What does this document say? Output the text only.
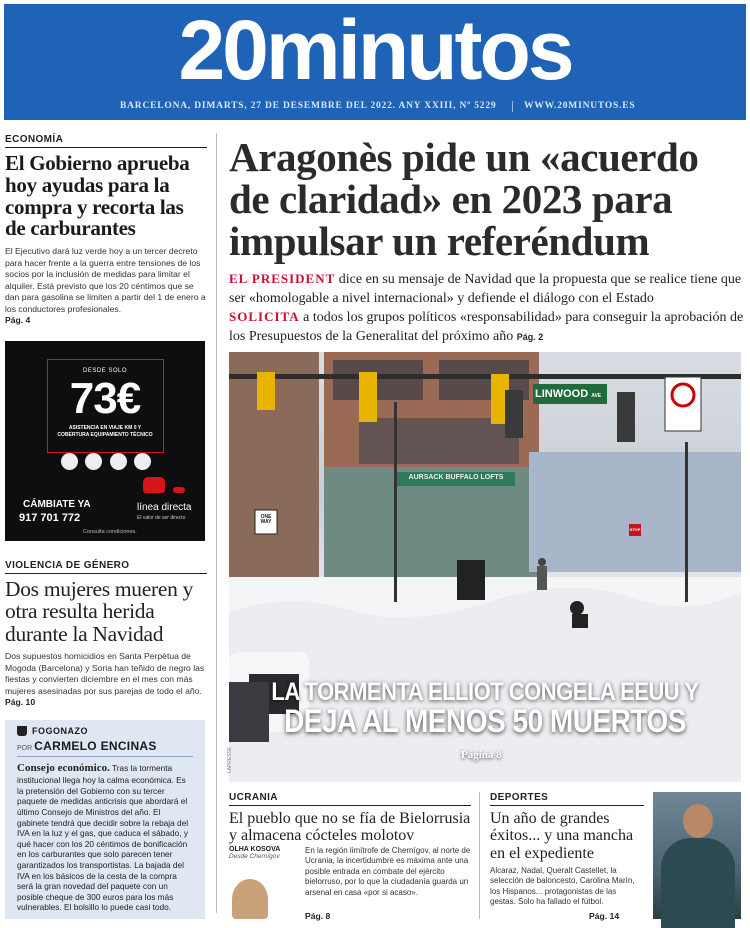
20minutos
BARCELONA, DIMARTS, 27 DE DESEMBRE DEL 2022. ANY XXIII, Nº 5229	WWW.20MINUTOS.ES
ECONOMÍA
El Gobierno aprueba hoy ayudas para la compra y recorta las de carburantes
El Ejecutivo dará luz verde hoy a un tercer decreto para hacer frente a la guerra entre tensiones de los socios por la inclusión de medidas para limitar el alquiler. Está previsto que los 20 céntimos que se dan para gasolina se limiten a partir del 1 de enero a los conductores profesionales.
Pág. 4
DESDE SOLO
73€
ASISTENCIA EN VIAJE KM 0 Y COBERTURA EQUIPAMIENTO TÉCNICO
CÁMBIATE YA
917 701 772
línea directa
El valor de ser directo
Consulta condiciones.
VIOLENCIA DE GÉNERO
Dos mujeres mueren y otra resulta herida durante la Navidad
Dos supuestos homicidios en Santa Perpètua de Mogoda (Barcelona) y Soria han teñido de negro las fiestas y convierten diciembre en el mes con más mujeres asesinadas por sus parejas de todo el año.
Pág. 10
FOGONAZO
POR CARMELO ENCINAS
Consejo económico. Tras la tormenta institucional llega hoy la calma económica. Es la pretensión del Gobierno con su tercer paquete de medidas anticrisis que abordará el último Consejo de Ministros del año. El gabinete tendrá que decidir sobre la rebaja del IVA en la luz y el gas, que caduca el sábado, y qué hacer con los 20 céntimos de bonificación en los carburantes que solo parecen tener garantizados los transportistas. La bajada del IVA en los básicos de la cesta de la compra será la gran novedad del paquete con un posible cheque de 300 euros para los más vulnerables. El bolsillo lo puede casi todo.
Aragonès pide un «acuerdo de claridad» en 2023 para impulsar un referéndum
EL PRESIDENT dice en su mensaje de Navidad que la propuesta que se realice tiene que ser «homologable a nivel internacional» y defiende el diálogo con el Estado
SOLICITA a todos los grupos políticos «responsabilidad» para conseguir la aprobación de los Presupuestos de la Generalitat del próximo año Pág. 2
LINWOOD AVE
ONE WAY
STOP
AURSACK BUFFALO LOFTS
LA TORMENTA ELLIOT CONGELA EEUU Y
DEJA AL MENOS 50 MUERTOS
Página 8
LAPRESSE
UCRANIA
El pueblo que no se fía de Bielorrusia y almacena cócteles molotov
OLHA KOSOVA
Desde Chernígov
En la región limítrofe de Chernígov, al norte de Ucrania, la incertidumbre es máxima ante una posible entrada en combate del ejército bielorruso, por lo que la ciudadanía guarda un arsenal en casa «por si acaso».
Pág. 8
DEPORTES
Un año de grandes éxitos... y una mancha en el expediente
Alcaraz, Nadal, Queralt Castellet, la selección de baloncesto, Carolina Marín, los Hispanos... protagonistas de las gestas. Solo ha fallado el fútbol.
Pág. 14
